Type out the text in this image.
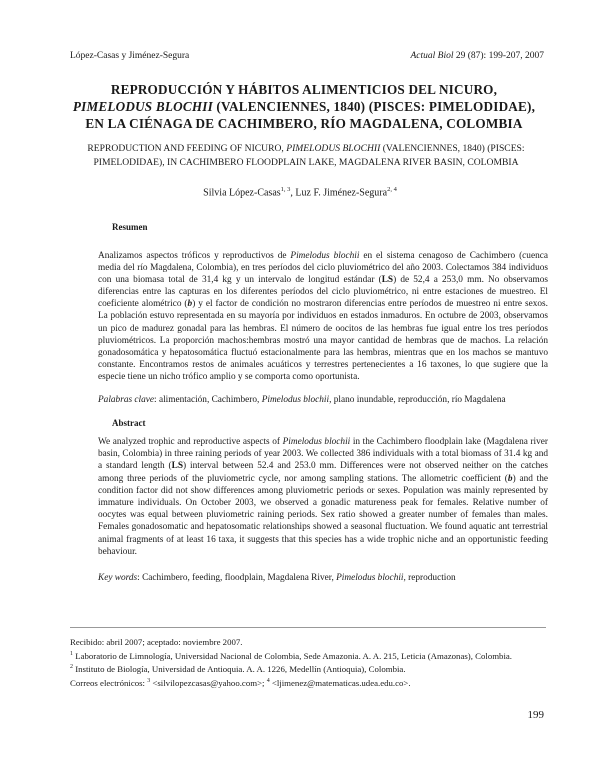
López-Casas y Jiménez-Segura	Actual Biol 29 (87): 199-207, 2007
REPRODUCCIÓN Y HÁBITOS ALIMENTICIOS DEL NICURO,
PIMELODUS BLOCHII (VALENCIENNES, 1840) (PISCES: PIMELODIDAE),
EN LA CIÉNAGA DE CACHIMBERO, RÍO MAGDALENA, COLOMBIA
REPRODUCTION AND FEEDING OF NICURO, PIMELODUS BLOCHII (VALENCIENNES, 1840) (PISCES:
PIMELODIDAE), IN CACHIMBERO FLOODPLAIN LAKE, MAGDALENA RIVER BASIN, COLOMBIA
Silvia López-Casas$^{1, 3}$, Luz F. Jiménez-Segura$^{2, 4}$
Resumen
Analizamos aspectos tróficos y reproductivos de Pimelodus blochii en el sistema cenagoso de Cachimbero (cuenca media del río Magdalena, Colombia), en tres períodos del ciclo pluviométrico del año 2003. Colectamos 384 individuos con una biomasa total de 31,4 kg y un intervalo de longitud estándar (LS) de 52,4 a 253,0 mm. No observamos diferencias entre las capturas en los diferentes períodos del ciclo pluviométrico, ni entre estaciones de muestreo. El coeficiente alométrico (b) y el factor de condición no mostraron diferencias entre períodos de muestreo ni entre sexos. La población estuvo representada en su mayoría por individuos en estados inmaduros. En octubre de 2003, observamos un pico de madurez gonadal para las hembras. El número de oocitos de las hembras fue igual entre los tres períodos pluviométricos. La proporción machos:hembras mostró una mayor cantidad de hembras que de machos. La relación gonadosomática y hepatosomática fluctuó estacionalmente para las hembras, mientras que en los machos se mantuvo constante. Encontramos restos de animales acuáticos y terrestres pertenecientes a 16 taxones, lo que sugiere que la especie tiene un nicho trófico amplio y se comporta como oportunista.
Palabras clave: alimentación, Cachimbero, Pimelodus blochii, plano inundable, reproducción, río Magdalena
Abstract
We analyzed trophic and reproductive aspects of Pimelodus blochii in the Cachimbero floodplain lake (Magdalena river basin, Colombia) in three raining periods of year 2003. We collected 386 individuals with a total biomass of 31.4 kg and a standard length (LS) interval between 52.4 and 253.0 mm. Differences were not observed neither on the catches among three periods of the pluviometric cycle, nor among sampling stations. The allometric coefficient (b) and the condition factor did not show differences among pluviometric periods or sexes. Population was mainly represented by immature individuals. On October 2003, we observed a gonadic matureness peak for females. Relative number of oocytes was equal between pluviometric raining periods. Sex ratio showed a greater number of females than males. Females gonadosomatic and hepatosomatic relationships showed a seasonal fluctuation. We found aquatic ant terrestrial animal fragments of at least 16 taxa, it suggests that this species has a wide trophic niche and an opportunistic feeding behaviour.
Key words: Cachimbero, feeding, floodplain, Magdalena River, Pimelodus blochii, reproduction
Recibido: abril 2007; aceptado: noviembre 2007.
$^1$ Laboratorio de Limnología, Universidad Nacional de Colombia, Sede Amazonia. A. A. 215, Leticia (Amazonas), Colombia.
$^2$ Instituto de Biología, Universidad de Antioquia. A. A. 1226, Medellín (Antioquia), Colombia.
Correos electrónicos: $^3$ <silvilopezcasas@yahoo.com>; $^4$ <ljimenez@matematicas.udea.edu.co>.
199
